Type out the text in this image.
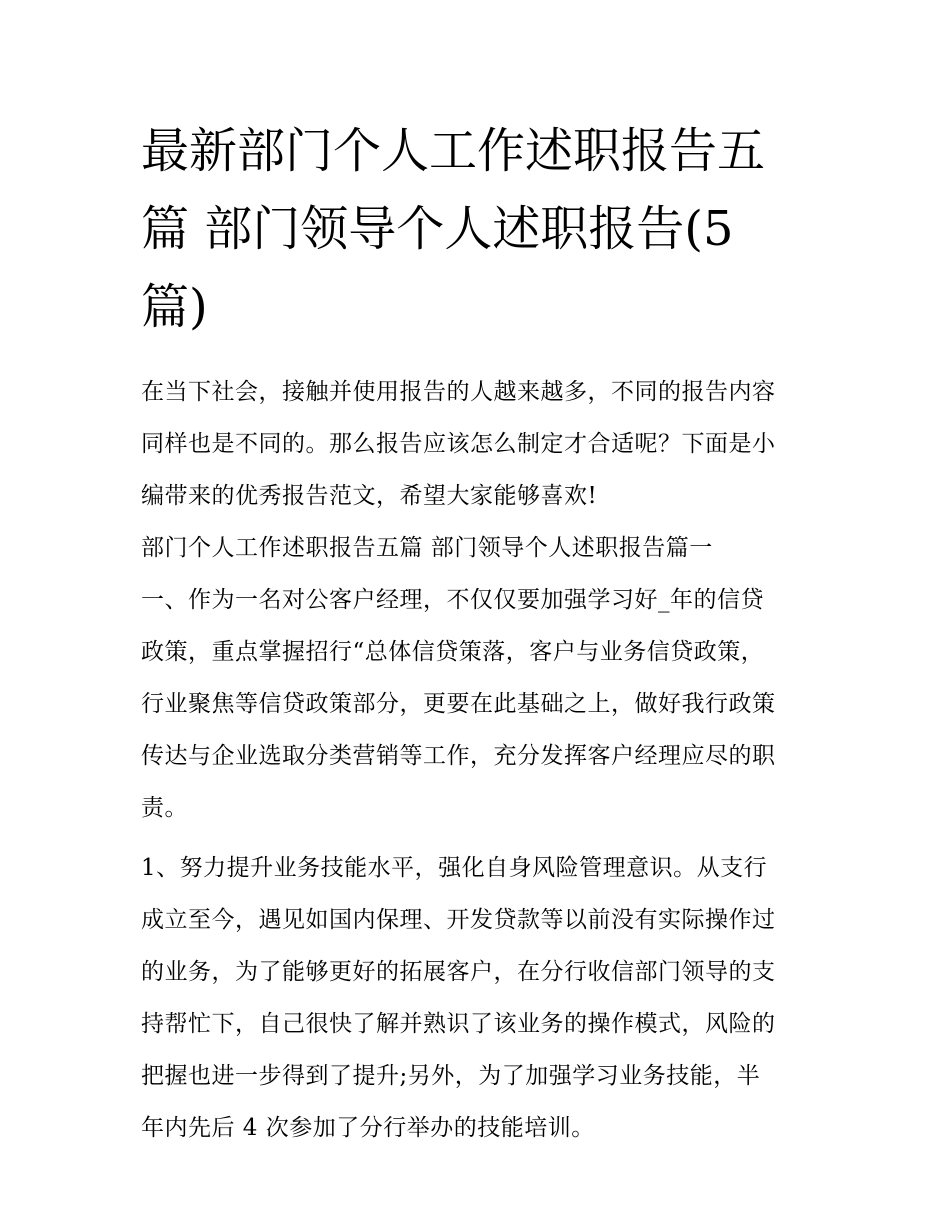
最新部门个人工作述职报告五
篇 部门领导个人述职报告(5
篇)
在当下社会，接触并使用报告的人越来越多，不同的报告内容
同样也是不同的。那么报告应该怎么制定才合适呢？下面是小
编带来的优秀报告范文，希望大家能够喜欢!
部门个人工作述职报告五篇 部门领导个人述职报告篇一
一、作为一名对公客户经理，不仅仅要加强学习好_年的信贷
政策，重点掌握招行“总体信贷策落，客户与业务信贷政策，
行业聚焦等信贷政策部分，更要在此基础之上，做好我行政策
传达与企业选取分类营销等工作，充分发挥客户经理应尽的职
责。
1、努力提升业务技能水平，强化自身风险管理意识。从支行
成立至今，遇见如国内保理、开发贷款等以前没有实际操作过
的业务，为了能够更好的拓展客户，在分行收信部门领导的支
持帮忙下，自己很快了解并熟识了该业务的操作模式，风险的
把握也进一步得到了提升;另外，为了加强学习业务技能，半
年内先后 4 次参加了分行举办的技能培训。
